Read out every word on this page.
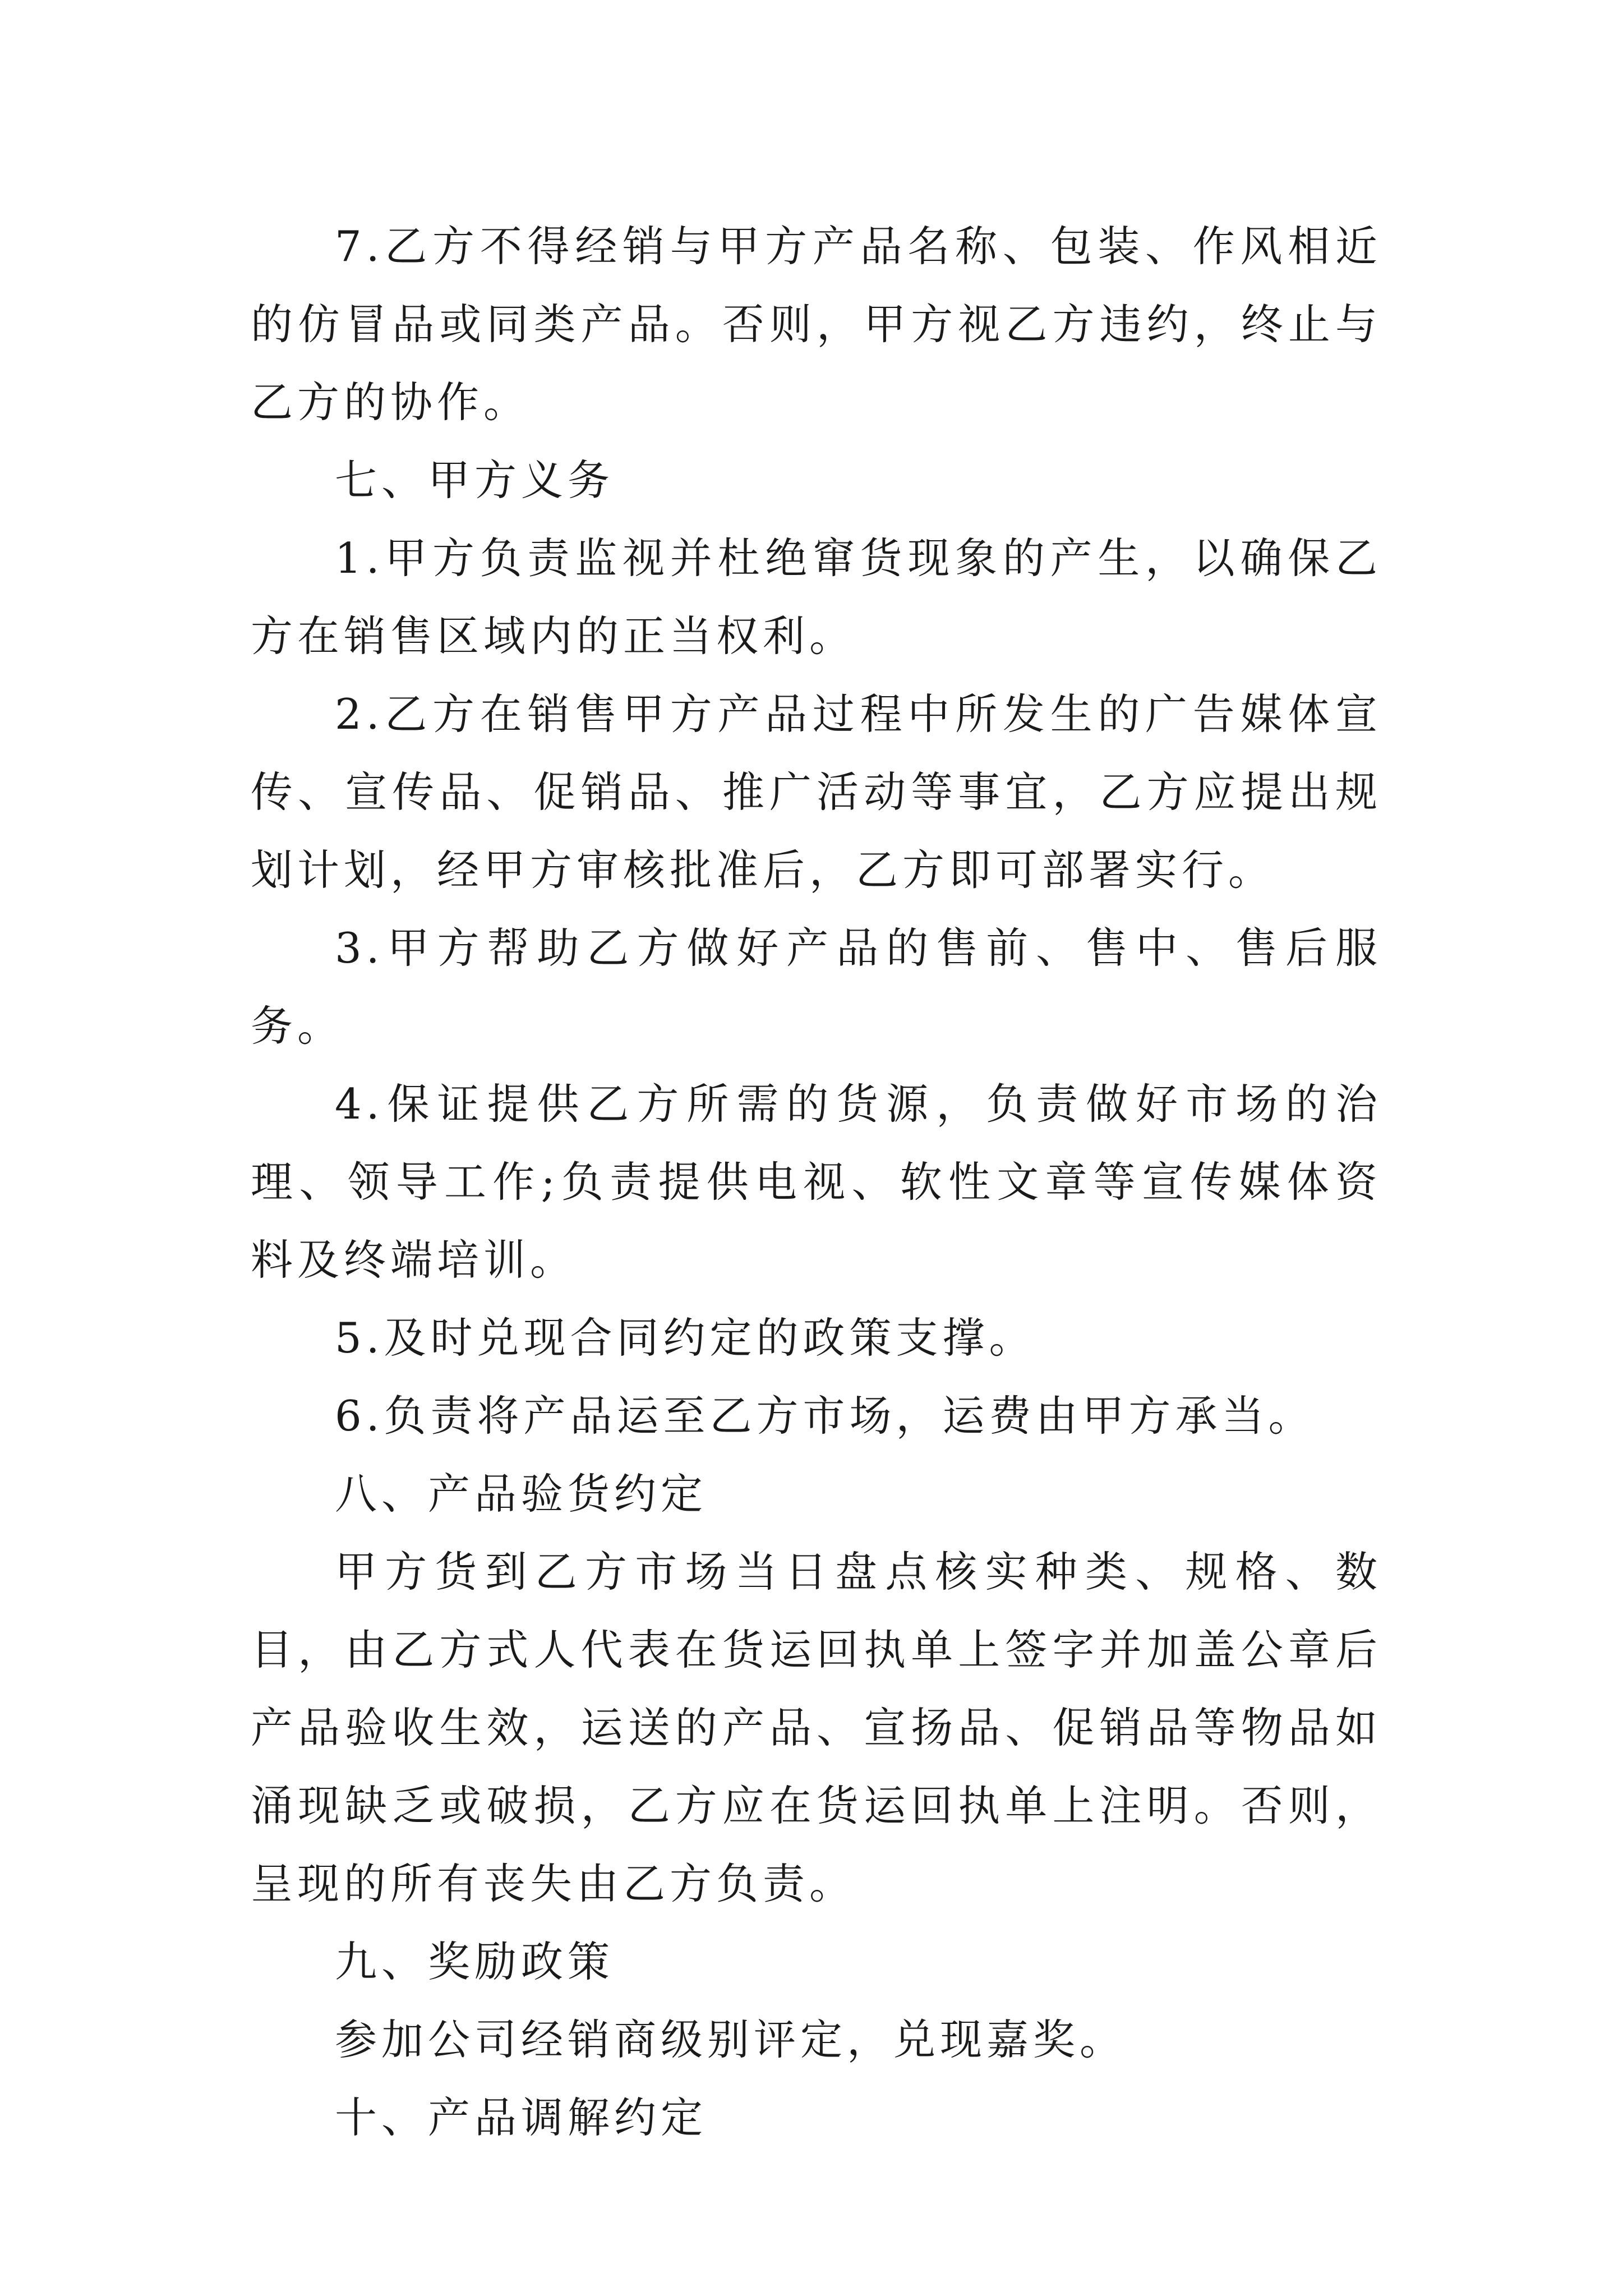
7.乙方不得经销与甲方产品名称、包装、作风相近的仿冒品或同类产品。否则，甲方视乙方违约，终止与乙方的协作。

七、甲方义务

1.甲方负责监视并杜绝窜货现象的产生，以确保乙方在销售区域内的正当权利。

2.乙方在销售甲方产品过程中所发生的广告媒体宣传、宣传品、促销品、推广活动等事宜，乙方应提出规划计划，经甲方审核批准后，乙方即可部署实行。

3.甲方帮助乙方做好产品的售前、售中、售后服务。

4.保证提供乙方所需的货源，负责做好市场的治理、领导工作;负责提供电视、软性文章等宣传媒体资料及终端培训。

5.及时兑现合同约定的政策支撑。

6.负责将产品运至乙方市场，运费由甲方承当。

八、产品验货约定

甲方货到乙方市场当日盘点核实种类、规格、数目，由乙方式人代表在货运回执单上签字并加盖公章后产品验收生效，运送的产品、宣扬品、促销品等物品如涌现缺乏或破损，乙方应在货运回执单上注明。否则，呈现的所有丧失由乙方负责。

九、奖励政策

参加公司经销商级别评定，兑现嘉奖。

十、产品调解约定
